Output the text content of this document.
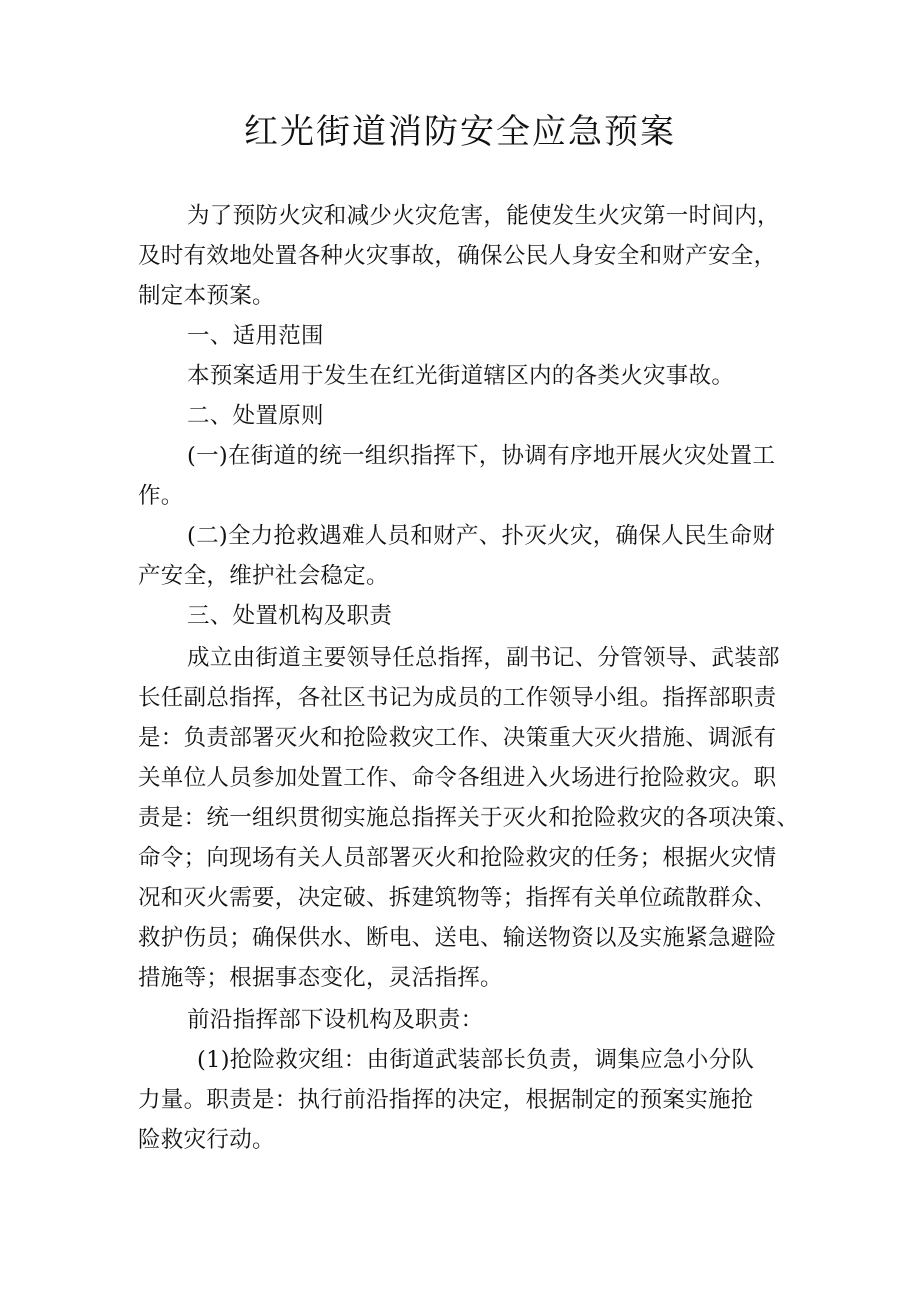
红光街道消防安全应急预案

为了预防火灾和减少火灾危害，能使发生火灾第一时间内，

及时有效地处置各种火灾事故，确保公民人身安全和财产安全，

制定本预案。

一、适用范围

本预案适用于发生在红光街道辖区内的各类火灾事故。

二、处置原则

(一)在街道的统一组织指挥下，协调有序地开展火灾处置工

作。

(二)全力抢救遇难人员和财产、扑灭火灾，确保人民生命财

产安全，维护社会稳定。

三、处置机构及职责

成立由街道主要领导任总指挥，副书记、分管领导、武装部

长任副总指挥，各社区书记为成员的工作领导小组。指挥部职责

是：负责部署灭火和抢险救灾工作、决策重大灭火措施、调派有

关单位人员参加处置工作、命令各组进入火场进行抢险救灾。职

责是：统一组织贯彻实施总指挥关于灭火和抢险救灾的各项决策、

命令；向现场有关人员部署灭火和抢险救灾的任务；根据火灾情

况和灭火需要，决定破、拆建筑物等；指挥有关单位疏散群众、

救护伤员；确保供水、断电、送电、输送物资以及实施紧急避险

措施等；根据事态变化，灵活指挥。

前沿指挥部下设机构及职责：

(1)抢险救灾组：由街道武装部长负责，调集应急小分队

力量。职责是：执行前沿指挥的决定，根据制定的预案实施抢

险救灾行动。
